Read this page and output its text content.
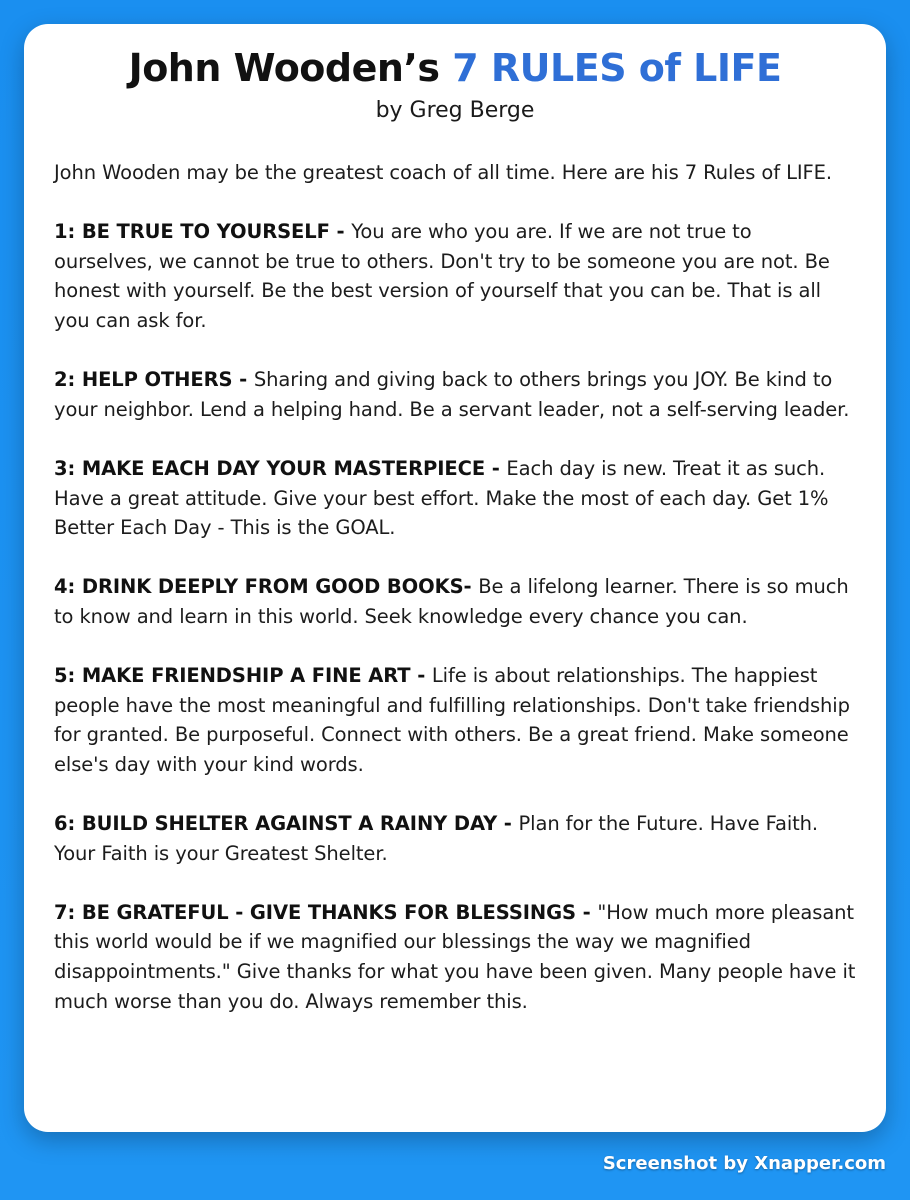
John Wooden’s 7 RULES of LIFE
by Greg Berge

John Wooden may be the greatest coach of all time. Here are his 7 Rules of LIFE.

1: BE TRUE TO YOURSELF - You are who you are. If we are not true to ourselves, we cannot be true to others. Don't try to be someone you are not. Be honest with yourself. Be the best version of yourself that you can be. That is all you can ask for.

2: HELP OTHERS - Sharing and giving back to others brings you JOY. Be kind to your neighbor. Lend a helping hand. Be a servant leader, not a self-serving leader.

3: MAKE EACH DAY YOUR MASTERPIECE - Each day is new. Treat it as such. Have a great attitude. Give your best effort. Make the most of each day. Get 1% Better Each Day - This is the GOAL.

4: DRINK DEEPLY FROM GOOD BOOKS- Be a lifelong learner. There is so much to know and learn in this world. Seek knowledge every chance you can.

5: MAKE FRIENDSHIP A FINE ART - Life is about relationships. The happiest people have the most meaningful and fulfilling relationships. Don't take friendship for granted. Be purposeful. Connect with others. Be a great friend. Make someone else's day with your kind words.

6: BUILD SHELTER AGAINST A RAINY DAY - Plan for the Future. Have Faith. Your Faith is your Greatest Shelter.

7: BE GRATEFUL - GIVE THANKS FOR BLESSINGS - "How much more pleasant this world would be if we magnified our blessings the way we magnified disappointments." Give thanks for what you have been given. Many people have it much worse than you do. Always remember this.

Screenshot by Xnapper.com
